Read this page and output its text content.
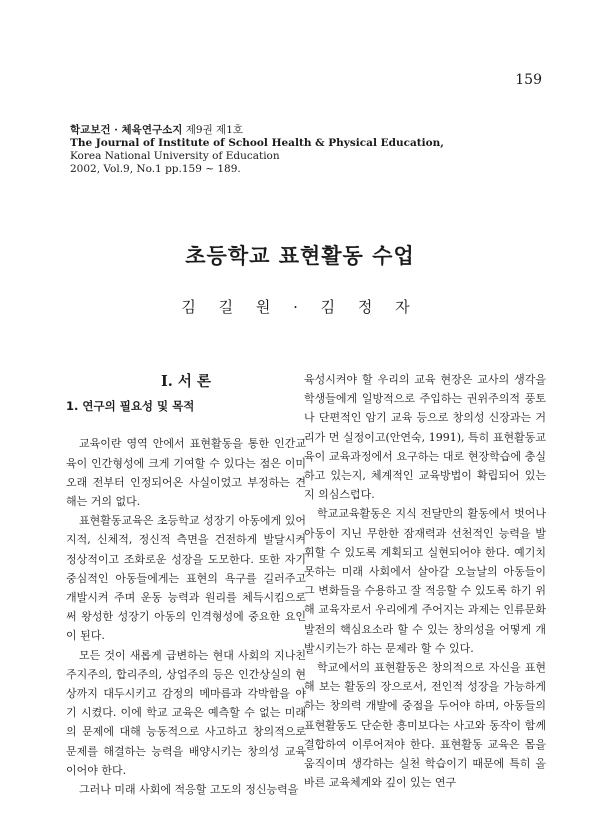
159
학교보건 · 체육연구소지 제9권 제1호
The Journal of Institute of School Health & Physical Education,
Korea National University of Education
2002, Vol.9, No.1 pp.159 ~ 189.
초등학교 표현활동 수업
김 길 원 · 김 정 자
I. 서 론
1. 연구의 필요성 및 목적

교육이란 영역 안에서 표현활동을 통한 인간교육이 인간형성에 크게 기여할 수 있다는 점은 이미 오래 전부터 인정되어온 사실이었고 부정하는 견해는 거의 없다.

표현활동교육은 초등학교 성장기 아동에게 있어 지적, 신체적, 정신적 측면을 건전하게 발달시켜 정상적이고 조화로운 성장을 도모한다. 또한 자기 중심적인 아동들에게는 표현의 욕구를 길러주고 개발시켜 주며 운동 능력과 원리를 체득시킴으로써 왕성한 성장기 아동의 인격형성에 중요한 요인이 된다.

모든 것이 새롭게 급변하는 현대 사회의 지나친 주지주의, 합리주의, 상업주의 등은 인간상실의 현상까지 대두시키고 감정의 메마름과 각박함을 야기 시켰다. 이에 학교 교육은 예측할 수 없는 미래의 문제에 대해 능동적으로 사고하고 창의적으로 문제를 해결하는 능력을 배양시키는 창의성 교육이어야 한다.

그러나 미래 사회에 적응할 고도의 정신능력을

육성시켜야 할 우리의 교육 현장은 교사의 생각을 학생들에게 일방적으로 주입하는 권위주의적 풍토나 단편적인 암기 교육 등으로 창의성 신장과는 거리가 먼 실정이고(안연숙, 1991), 특히 표현활동교육이 교육과정에서 요구하는 대로 현장학습에 충실하고 있는지, 체계적인 교육방법이 확립되어 있는지 의심스럽다.

학교교육활동은 지식 전달만의 활동에서 벗어나 아동이 지닌 무한한 잠재력과 선천적인 능력을 발휘할 수 있도록 계획되고 실현되어야 한다. 예기치 못하는 미래 사회에서 살아갈 오늘날의 아동들이 그 변화들을 수용하고 잘 적응할 수 있도록 하기 위해 교육자로서 우리에게 주어지는 과제는 인류문화 발전의 핵심요소라 할 수 있는 창의성을 어떻게 개발시키는가 하는 문제라 할 수 있다.

학교에서의 표현활동은 창의적으로 자신을 표현해 보는 활동의 장으로서, 전인적 성장을 가능하게 하는 창의력 개발에 중점을 두어야 하며, 아동들의 표현활동도 단순한 흥미보다는 사고와 동작이 함께 결합하여 이루어져야 한다. 표현활동 교육은 몸을 움직이며 생각하는 실천 학습이기 때문에 특히 올바른 교육체계와 깊이 있는 연구
